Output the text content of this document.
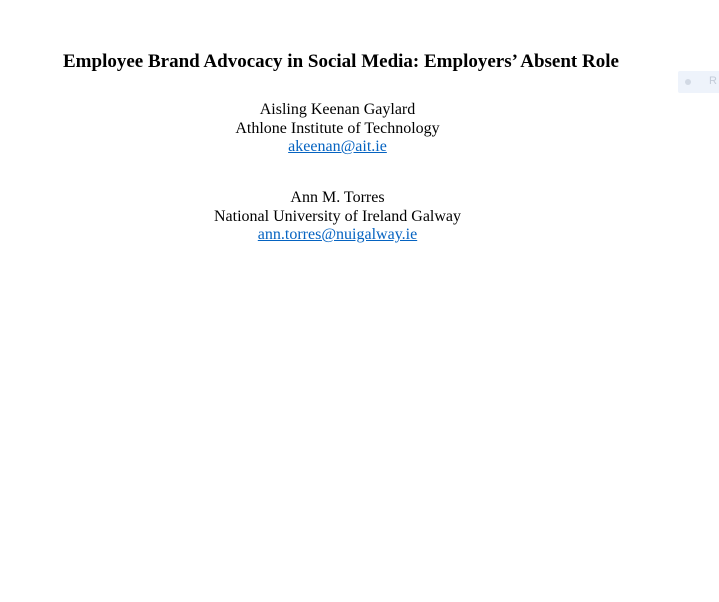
Employee Brand Advocacy in Social Media: Employers’ Absent Role
Aisling Keenan Gaylard
Athlone Institute of Technology
akeenan@ait.ie
Ann M. Torres
National University of Ireland Galway
ann.torres@nuigalway.ie
R
